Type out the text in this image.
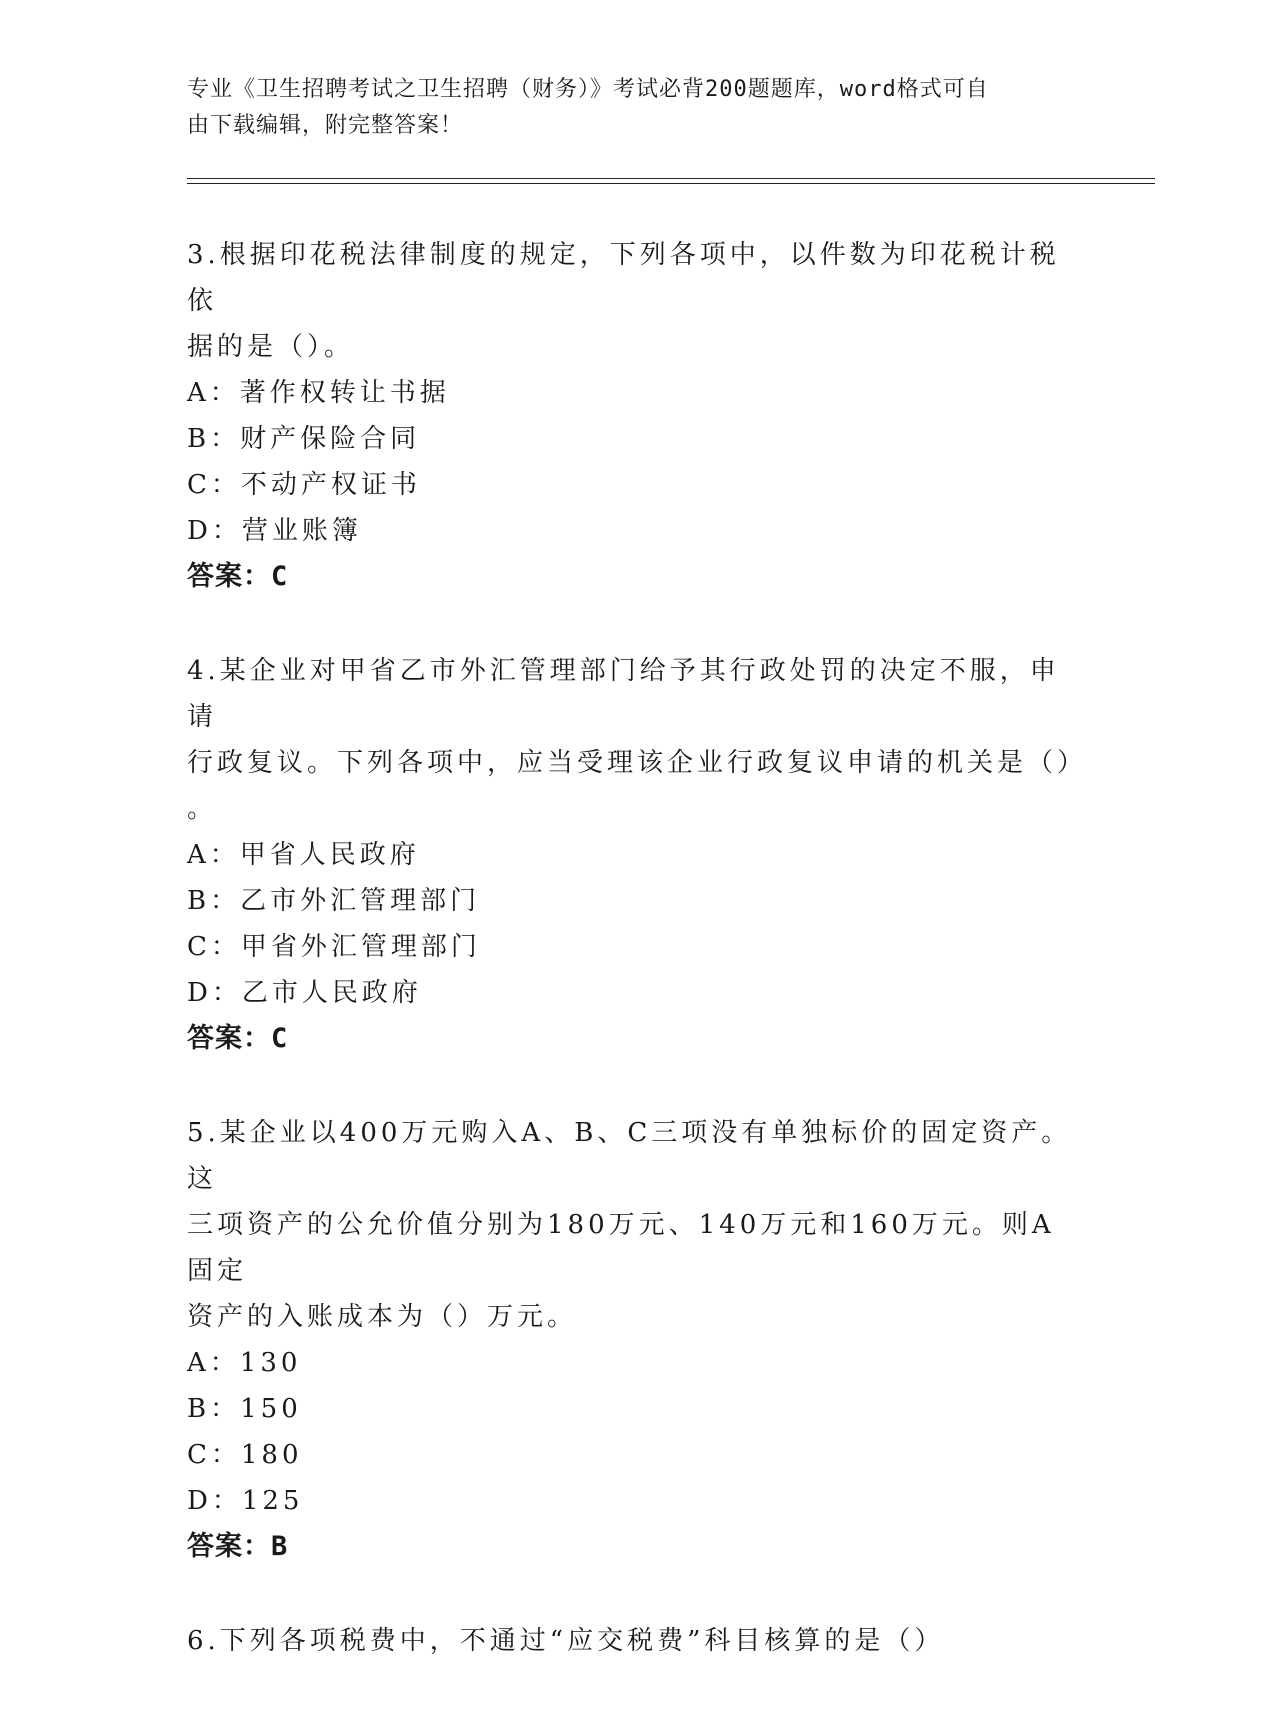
专业《卫生招聘考试之卫生招聘（财务）》考试必背200题题库，word格式可自
由下载编辑，附完整答案！
3.根据印花税法律制度的规定，下列各项中，以件数为印花税计税依
据的是（）。
A：著作权转让书据
B：财产保险合同
C：不动产权证书
D：营业账簿
答案：C
4.某企业对甲省乙市外汇管理部门给予其行政处罚的决定不服，申请
行政复议。下列各项中，应当受理该企业行政复议申请的机关是（）
。
A：甲省人民政府
B：乙市外汇管理部门
C：甲省外汇管理部门
D：乙市人民政府
答案：C
5.某企业以400万元购入A、B、C三项没有单独标价的固定资产。这
三项资产的公允价值分别为180万元、140万元和160万元。则A固定
资产的入账成本为（）万元。
A：130
B：150
C：180
D：125
答案：B
6.下列各项税费中，不通过“应交税费”科目核算的是（）
